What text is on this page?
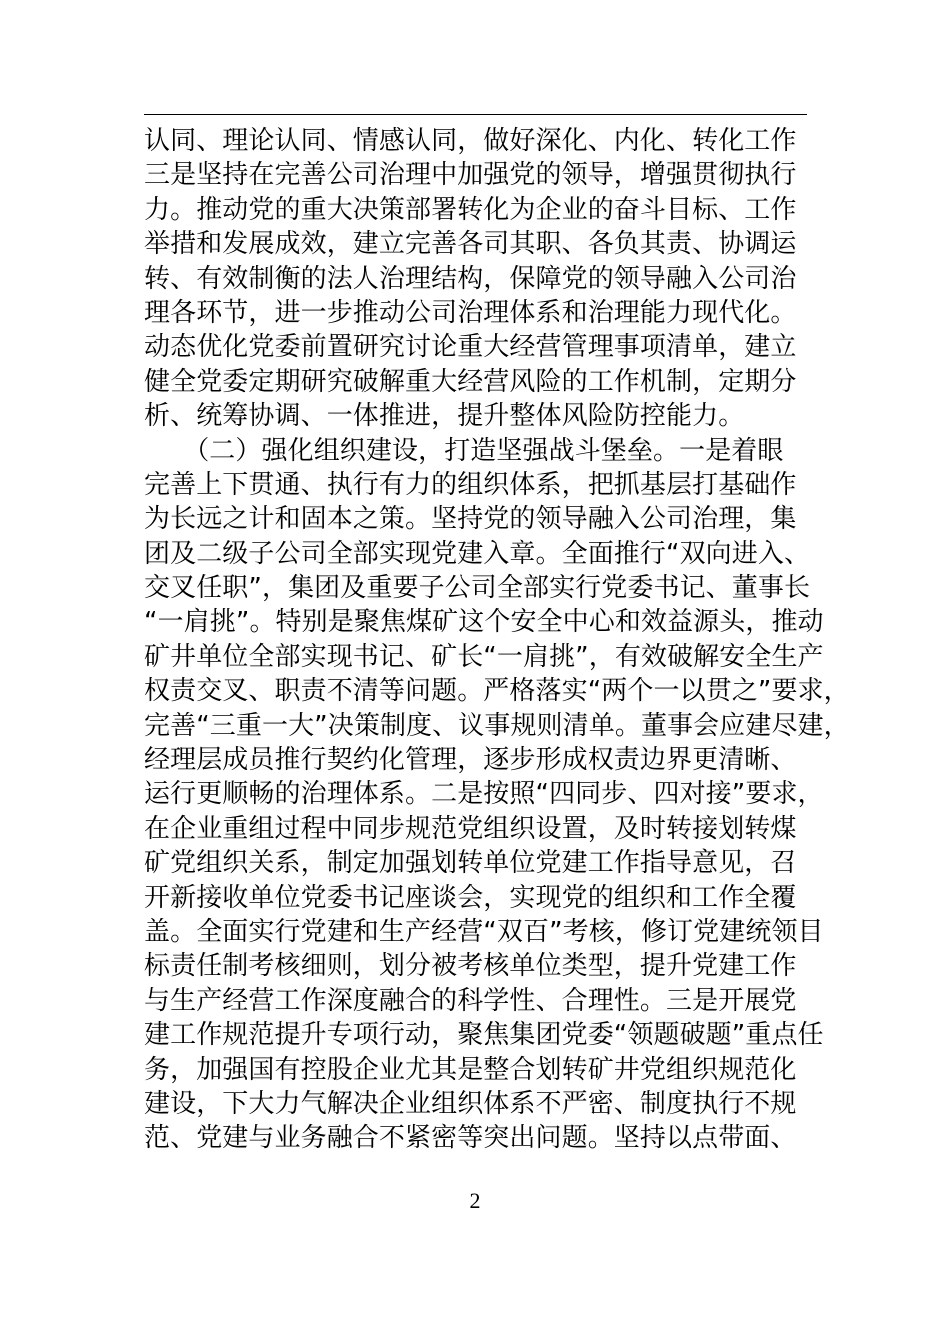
认同、理论认同、情感认同，做好深化、内化、转化工作
三是坚持在完善公司治理中加强党的领导，增强贯彻执行
力。推动党的重大决策部署转化为企业的奋斗目标、工作
举措和发展成效，建立完善各司其职、各负其责、协调运
转、有效制衡的法人治理结构，保障党的领导融入公司治
理各环节，进一步推动公司治理体系和治理能力现代化。
动态优化党委前置研究讨论重大经营管理事项清单，建立
健全党委定期研究破解重大经营风险的工作机制，定期分
析、统筹协调、一体推进，提升整体风险防控能力。
　　（二）强化组织建设，打造坚强战斗堡垒。一是着眼
完善上下贯通、执行有力的组织体系，把抓基层打基础作
为长远之计和固本之策。坚持党的领导融入公司治理，集
团及二级子公司全部实现党建入章。全面推行“双向进入、
交叉任职”，集团及重要子公司全部实行党委书记、董事长
“一肩挑”。特别是聚焦煤矿这个安全中心和效益源头，推动
矿井单位全部实现书记、矿长“一肩挑”，有效破解安全生产
权责交叉、职责不清等问题。严格落实“两个一以贯之”要求，
完善“三重一大”决策制度、议事规则清单。董事会应建尽建，
经理层成员推行契约化管理，逐步形成权责边界更清晰、
运行更顺畅的治理体系。二是按照“四同步、四对接”要求，
在企业重组过程中同步规范党组织设置，及时转接划转煤
矿党组织关系，制定加强划转单位党建工作指导意见，召
开新接收单位党委书记座谈会，实现党的组织和工作全覆
盖。全面实行党建和生产经营“双百”考核，修订党建统领目
标责任制考核细则，划分被考核单位类型，提升党建工作
与生产经营工作深度融合的科学性、合理性。三是开展党
建工作规范提升专项行动，聚焦集团党委“领题破题”重点任
务，加强国有控股企业尤其是整合划转矿井党组织规范化
建设，下大力气解决企业组织体系不严密、制度执行不规
范、党建与业务融合不紧密等突出问题。坚持以点带面、
2
